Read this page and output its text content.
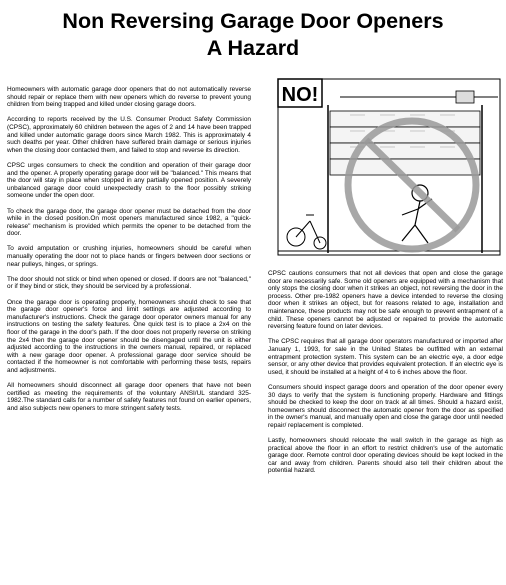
Non Reversing Garage Door Openers
A Hazard

Homeowners with automatic garage door openers that do not automatically reverse should repair or replace them with new openers which do reverse to prevent young children from being trapped and killed under closing garage doors.

According to reports received by the U.S. Consumer Product Safety Commission (CPSC), approximately 60 children between the ages of 2 and 14 have been trapped and killed under automatic garage doors since March 1982. This is approximately 4 such deaths per year. Other children have suffered brain damage or serious injuries when the closing door contacted them, and failed to stop and reverse its direction.

CPSC urges consumers to check the condition and operation of their garage door and the opener. A properly operating garage door will be "balanced." This means that the door will stay in place when stopped in any partially opened position. A severely unbalanced garage door could unexpectedly crash to the floor possibly striking someone under the open door.

To check the garage door, the garage door opener must be detached from the door while in the closed position.On most openers manufactured since 1982, a "quick-release" mechanism is provided which permits the opener to be detached from the door.

To avoid amputation or crushing injuries, homeowners should be careful when manually operating the door not to place hands or fingers between door sections or near pulleys, hinges, or springs.

The door should not stick or bind when opened or closed. If doors are not "balanced," or if they bind or stick, they should be serviced by a professional.

Once the garage door is operating properly, homeowners should check to see that the garage door opener's force and limit settings are adjusted according to manufacturer's instructions. Check the garage door operator owners manual for any instructions on testing the safety features. One quick test is to place a 2x4 on the floor of the garage in the door's path. If the door does not properly reverse on striking the 2x4 then the garage door opener should be disengaged until the unit is either adjusted according to the instructions in the owners manual, repaired, or replaced with a new garage door opener. A professional garage door service should be contacted if the homeowner is not comfortable with performing these tests, repairs and adjustments.

All homeowners should disconnect all garage door openers that have not been certified as meeting the requirements of the voluntary ANSI/UL standard 325-1982.The standard calls for a number of safety features not found on earlier openers, and also subjects new openers to more stringent safety tests.

NO!

CPSC cautions consumers that not all devices that open and close the garage door are necessarily safe. Some old openers are equipped with a mechanism that only stops the closing door when it strikes an object, not reversing the door in the process. Other pre-1982 openers have a device intended to reverse the closing door when it strikes an object, but for reasons related to age, installation and maintenance, these products may not be safe enough to prevent entrapment of a child. These openers cannot be adjusted or repaired to provide the automatic reversing feature found on later devices.

The CPSC requires that all garage door operators manufactured or imported after January 1, 1993, for sale in the United States be outfitted with an external entrapment protection system. This system can be an electric eye, a door edge sensor, or any other device that provides equivalent protection. If an electric eye is used, it should be installed at a height of 4 to 6 inches above the floor.

Consumers should inspect garage doors and operation of the door opener every 30 days to verify that the system is functioning properly. Hardware and fittings should be checked to keep the door on track at all times. Should a hazard exist, homeowners should disconnect the automatic opener from the door as specified in the owner's manual, and manually open and close the garage door until needed repair/ replacement is completed.

Lastly, homeowners should relocate the wall switch in the garage as high as practical above the floor in an effort to restrict children's use of the automatic garage door. Remote control door operating devices should be kept locked in the car and away from children. Parents should also tell their children about the potential hazard.
